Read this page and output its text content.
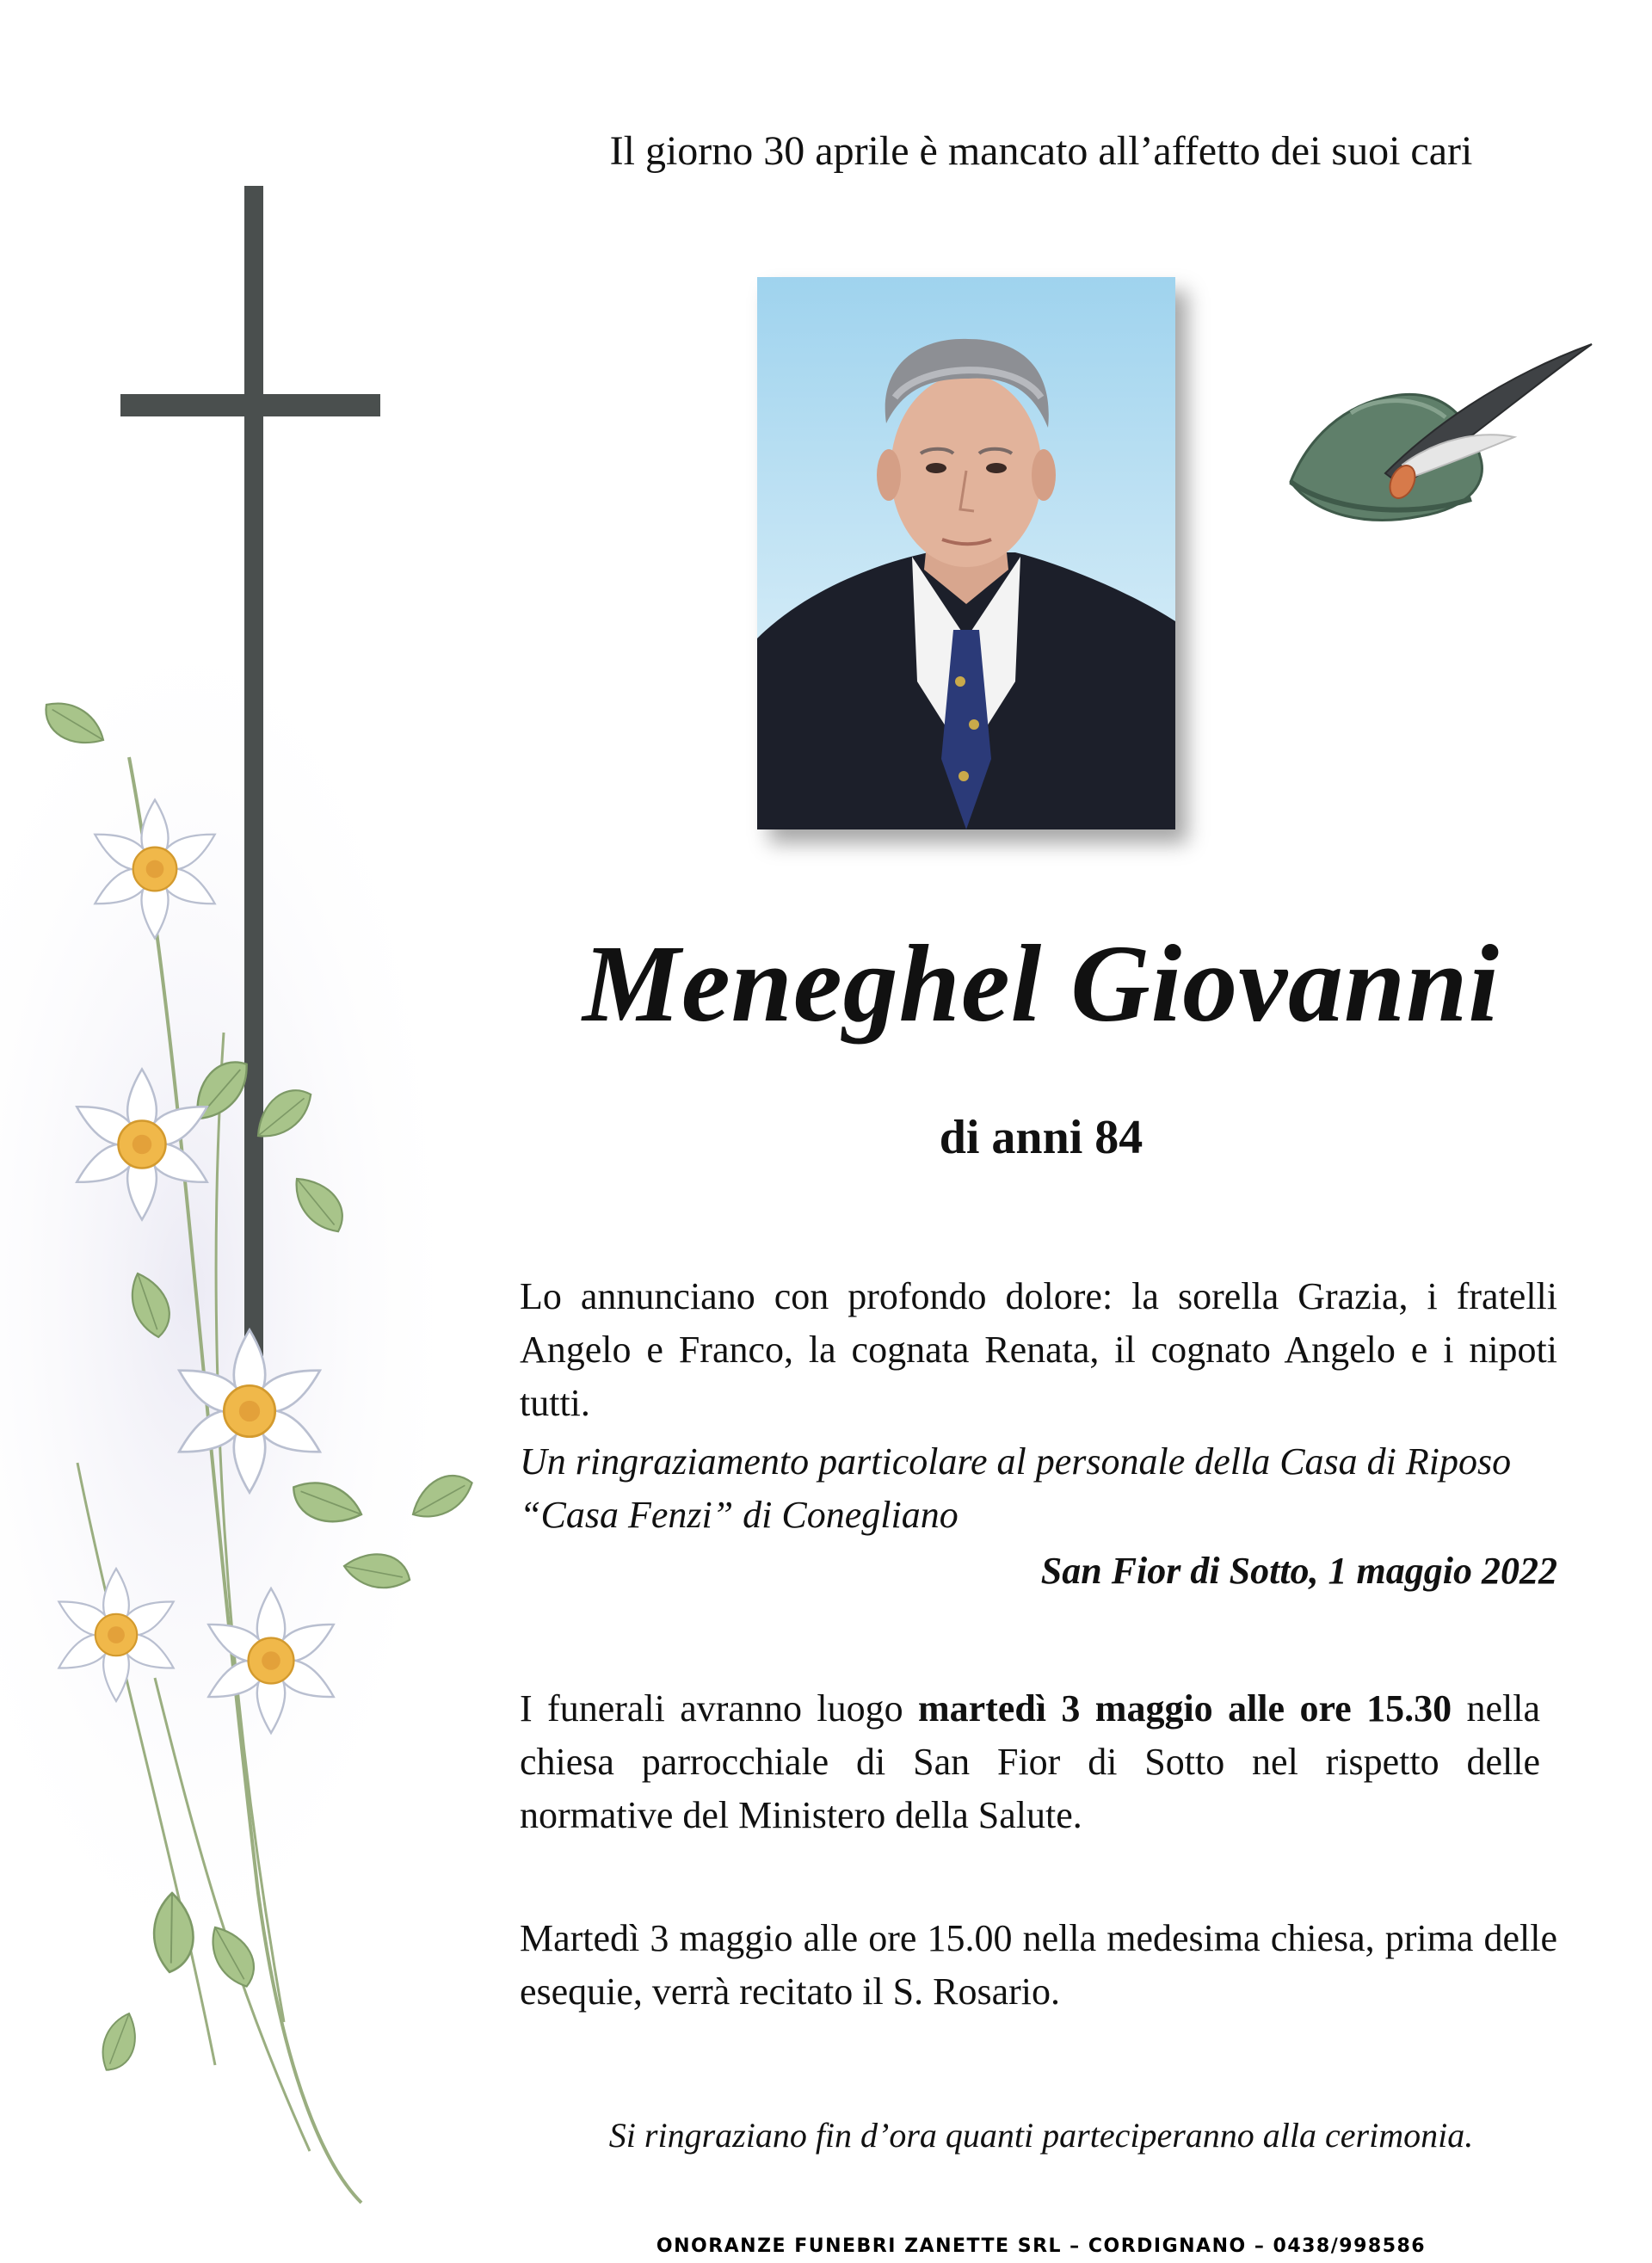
Il giorno 30 aprile è mancato all’affetto dei suoi cari
Meneghel Giovanni
di anni 84
Lo annunciano con profondo dolore: la sorella Grazia, i fratelli Angelo e Franco, la cognata Renata, il cognato Angelo e i nipoti tutti.
Un ringraziamento particolare al personale della Casa di Riposo
“Casa Fenzi” di Conegliano
San Fior di Sotto, 1 maggio 2022
I funerali avranno luogo martedì 3 maggio alle ore 15.30 nella chiesa parrocchiale di San Fior di Sotto nel rispetto delle normative del Ministero della Salute.
Martedì 3 maggio alle ore 15.00 nella medesima chiesa, prima delle esequie, verrà recitato il S. Rosario.
Si ringraziano fin d’ora quanti parteciperanno alla cerimonia.
ONORANZE FUNEBRI ZANETTE SRL – CORDIGNANO – 0438/998586
